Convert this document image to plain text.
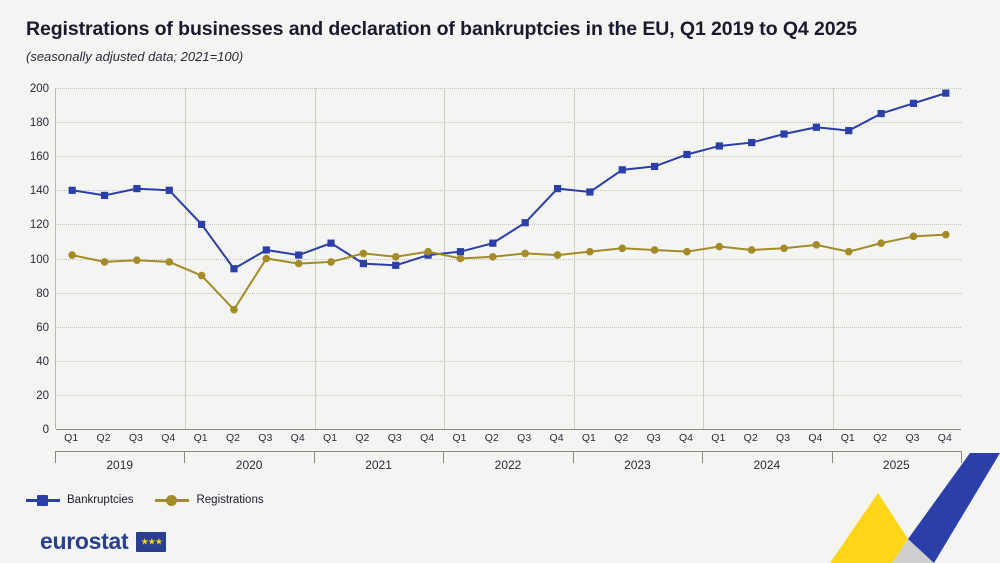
Registrations of businesses and declaration of bankruptcies in the EU, Q1 2019 to Q4 2025
(seasonally adjusted data; 2021=100)
0
20
40
60
80
100
120
140
160
180
200
Q1 Q2 Q3 Q4 Q1 Q2 Q3 Q4 Q1 Q2 Q3 Q4 Q1 Q2 Q3 Q4 Q1 Q2 Q3 Q4 Q1 Q2 Q3 Q4 Q1 Q2 Q3 Q4
2019	2020	2021	2022	2023	2024	2025
Bankruptcies	Registrations
eurostat ★★★
